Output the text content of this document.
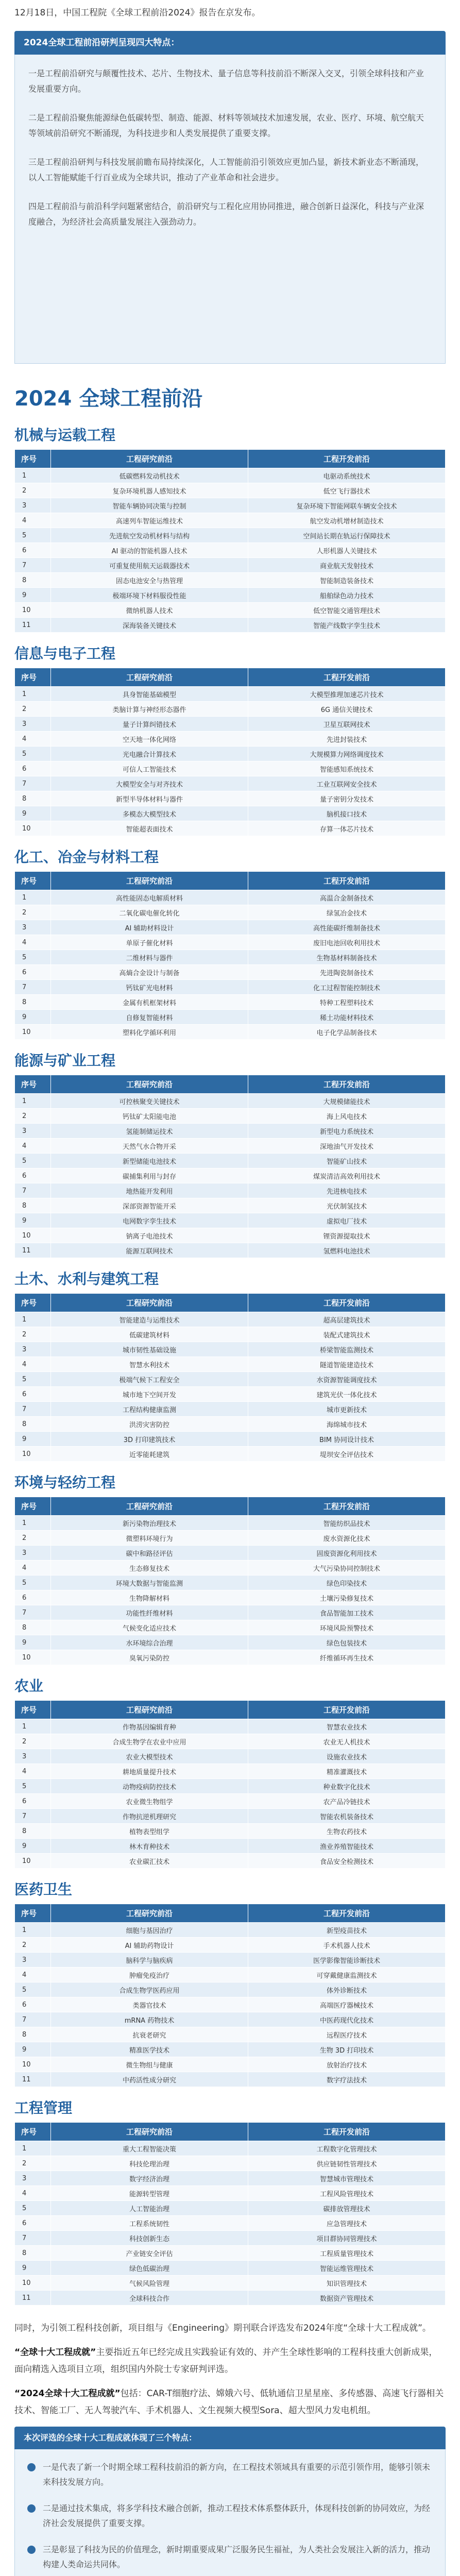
12月18日，中国工程院《全球工程前沿2024》报告在京发布。

2024全球工程前沿研判呈现四大特点：

一是工程前沿研究与颠覆性技术、芯片、生物技术、量子信息等科技前沿不断深入交叉，引领全球科技和产业发展重要方向。

二是工程前沿聚焦能源绿色低碳转型、制造、能源、材料等领域技术加速发展，农业、医疗、环境、航空航天等领域前沿研究不断涌现，为科技进步和人类发展提供了重要支撑。

三是工程前沿研判与科技发展前瞻布局持续深化，人工智能前沿引领效应更加凸显，新技术新业态不断涌现，以人工智能赋能千行百业成为全球共识，推动了产业革命和社会进步。

四是工程前沿与前沿科学问题紧密结合，前沿研究与工程化应用协同推进，融合创新日益深化，科技与产业深度融合，为经济社会高质量发展注入强劲动力。

2024 全球工程前沿
机械与运载工程
序号	工程研究前沿	工程开发前沿
1	低碳燃料发动机技术	电驱动系统技术
2	复杂环境机器人感知技术	低空飞行器技术
3	智能车辆协同决策与控制	复杂环境下智能网联车辆安全技术
4	高速列车智能运维技术	航空发动机增材制造技术
5	先进航空发动机材料与结构	空间站长期在轨运行保障技术
6	AI 驱动的智能机器人技术	人形机器人关键技术
7	可重复使用航天运载器技术	商业航天发射技术
8	固态电池安全与热管理	智能制造装备技术
9	极端环境下材料服役性能	船舶绿色动力技术
10	微纳机器人技术	低空智能交通管理技术
11	深海装备关键技术	智能产线数字孪生技术
信息与电子工程
序号	工程研究前沿	工程开发前沿
1	具身智能基础模型	大模型推理加速芯片技术
2	类脑计算与神经形态器件	6G 通信关键技术
3	量子计算纠错技术	卫星互联网技术
4	空天地一体化网络	先进封装技术
5	光电融合计算技术	大规模算力网络调度技术
6	可信人工智能技术	智能感知系统技术
7	大模型安全与对齐技术	工业互联网安全技术
8	新型半导体材料与器件	量子密钥分发技术
9	多模态大模型技术	脑机接口技术
10	智能超表面技术	存算一体芯片技术
化工、冶金与材料工程
序号	工程研究前沿	工程开发前沿
1	高性能固态电解质材料	高温合金制备技术
2	二氧化碳电催化转化	绿氢冶金技术
3	AI 辅助材料设计	高性能碳纤维制备技术
4	单原子催化材料	废旧电池回收利用技术
5	二维材料与器件	生物基材料制备技术
6	高熵合金设计与制备	先进陶瓷制备技术
7	钙钛矿光电材料	化工过程智能控制技术
8	金属有机框架材料	特种工程塑料技术
9	自修复智能材料	稀土功能材料技术
10	塑料化学循环利用	电子化学品制备技术
能源与矿业工程
序号	工程研究前沿	工程开发前沿
1	可控核聚变关键技术	大规模储能技术
2	钙钛矿太阳能电池	海上风电技术
3	氢能制储运技术	新型电力系统技术
4	天然气水合物开采	深地油气开发技术
5	新型储能电池技术	智能矿山技术
6	碳捕集利用与封存	煤炭清洁高效利用技术
7	地热能开发利用	先进核电技术
8	深部资源智能开采	光伏制氢技术
9	电网数字孪生技术	虚拟电厂技术
10	钠离子电池技术	锂资源提取技术
11	能源互联网技术	氢燃料电池技术
土木、水利与建筑工程
序号	工程研究前沿	工程开发前沿
1	智能建造与运维技术	超高层建筑技术
2	低碳建筑材料	装配式建筑技术
3	城市韧性基础设施	桥梁智能监测技术
4	智慧水利技术	隧道智能建造技术
5	极端气候下工程安全	水资源智能调度技术
6	城市地下空间开发	建筑光伏一体化技术
7	工程结构健康监测	城市更新技术
8	洪涝灾害防控	海绵城市技术
9	3D 打印建筑技术	BIM 协同设计技术
10	近零能耗建筑	堤坝安全评估技术
环境与轻纺工程
序号	工程研究前沿	工程开发前沿
1	新污染物治理技术	智能纺织品技术
2	微塑料环境行为	废水资源化技术
3	碳中和路径评估	固废资源化利用技术
4	生态修复技术	大气污染协同控制技术
5	环境大数据与智能监测	绿色印染技术
6	生物降解材料	土壤污染修复技术
7	功能性纤维材料	食品智能加工技术
8	气候变化适应技术	环境风险预警技术
9	水环境综合治理	绿色包装技术
10	臭氧污染防控	纤维循环再生技术
农业
序号	工程研究前沿	工程开发前沿
1	作物基因编辑育种	智慧农业技术
2	合成生物学在农业中应用	农业无人机技术
3	农业大模型技术	设施农业技术
4	耕地质量提升技术	精准灌溉技术
5	动物疫病防控技术	种业数字化技术
6	农业微生物组学	农产品冷链技术
7	作物抗逆机理研究	智能农机装备技术
8	植物表型组学	生物农药技术
9	林木育种技术	渔业养殖智能技术
10	农业碳汇技术	食品安全检测技术
医药卫生
序号	工程研究前沿	工程开发前沿
1	细胞与基因治疗	新型疫苗技术
2	AI 辅助药物设计	手术机器人技术
3	脑科学与脑疾病	医学影像智能诊断技术
4	肿瘤免疫治疗	可穿戴健康监测技术
5	合成生物学医药应用	体外诊断技术
6	类器官技术	高端医疗器械技术
7	mRNA 药物技术	中医药现代化技术
8	抗衰老研究	远程医疗技术
9	精准医学技术	生物 3D 打印技术
10	微生物组与健康	放射治疗技术
11	中药活性成分研究	数字疗法技术
工程管理
序号	工程研究前沿	工程开发前沿
1	重大工程智能决策	工程数字化管理技术
2	科技伦理治理	供应链韧性管理技术
3	数字经济治理	智慧城市管理技术
4	能源转型管理	工程风险管理技术
5	人工智能治理	碳排放管理技术
6	工程系统韧性	应急管理技术
7	科技创新生态	项目群协同管理技术
8	产业链安全评估	工程质量管理技术
9	绿色低碳治理	智能运维管理技术
10	气候风险管理	知识管理技术
11	全球科技合作	数据资产管理技术

同时，为引领工程科技创新，项目组与《Engineering》期刊联合评选发布2024年度“全球十大工程成就”。

“全球十大工程成就”主要指近五年已经完成且实践验证有效的、并产生全球性影响的工程科技重大创新成果，面向精选入选项目立项，组织国内外院士专家研判评选。

“2024全球十大工程成就”包括：CAR-T细胞疗法、嫦娥六号、低轨通信卫星星座、多传感器、高速飞行器相关技术、智能工厂、无人驾驶汽车、手术机器人、文生视频大模型Sora、超大型风力发电机组。

本次评选的全球十大工程成就体现了三个特点：
一是代表了新一个时期全球工程科技前沿的新方向，在工程技术领域具有重要的示范引领作用，能够引领未来科技发展方向。
二是通过技术集成，将多学科技术融合创新，推动工程技术体系整体跃升，体现科技创新的协同效应，为经济社会发展提供了重要支撑。
三是彰显了科技为民的价值理念，新时期重要成果广泛服务民生福祉，为人类社会发展注入新的活力，推动构建人类命运共同体。
